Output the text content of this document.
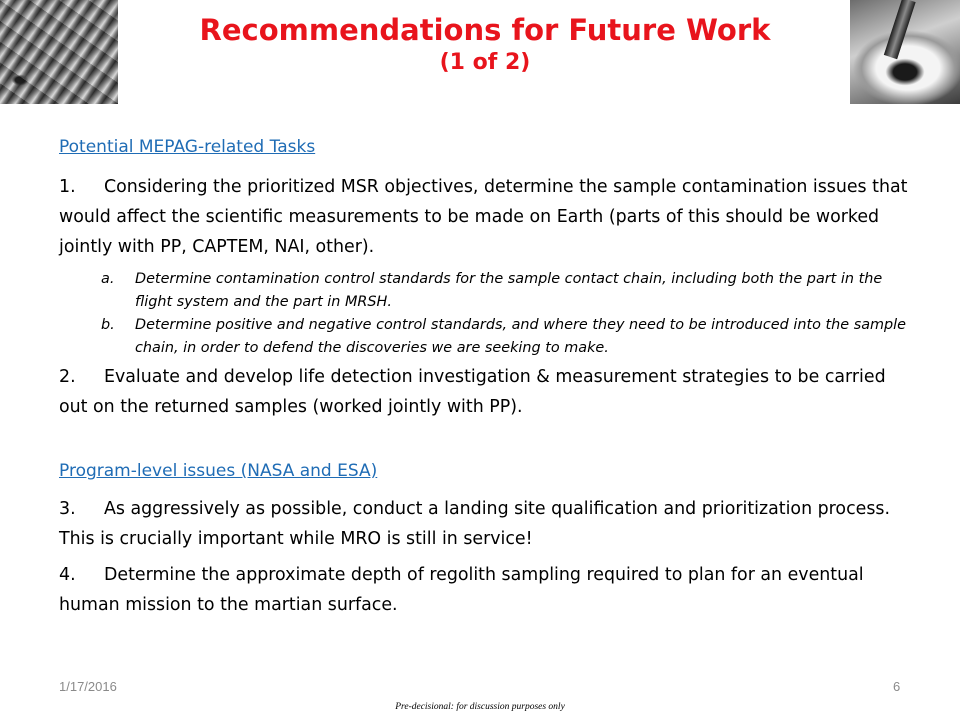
Recommendations for Future Work
(1 of 2)
Potential MEPAG-related Tasks

1. Considering the prioritized MSR objectives, determine the sample contamination issues that would affect the scientific measurements to be made on Earth (parts of this should be worked jointly with PP, CAPTEM, NAI, other).

a. Determine contamination control standards for the sample contact chain, including both the part in the flight system and the part in MRSH.

b. Determine positive and negative control standards, and where they need to be introduced into the sample chain, in order to defend the discoveries we are seeking to make.

2. Evaluate and develop life detection investigation & measurement strategies to be carried out on the returned samples (worked jointly with PP).

Program-level issues (NASA and ESA)

3. As aggressively as possible, conduct a landing site qualification and prioritization process. This is crucially important while MRO is still in service!

4. Determine the approximate depth of regolith sampling required to plan for an eventual human mission to the martian surface.

1/17/2016	6
Pre-decisional: for discussion purposes only
